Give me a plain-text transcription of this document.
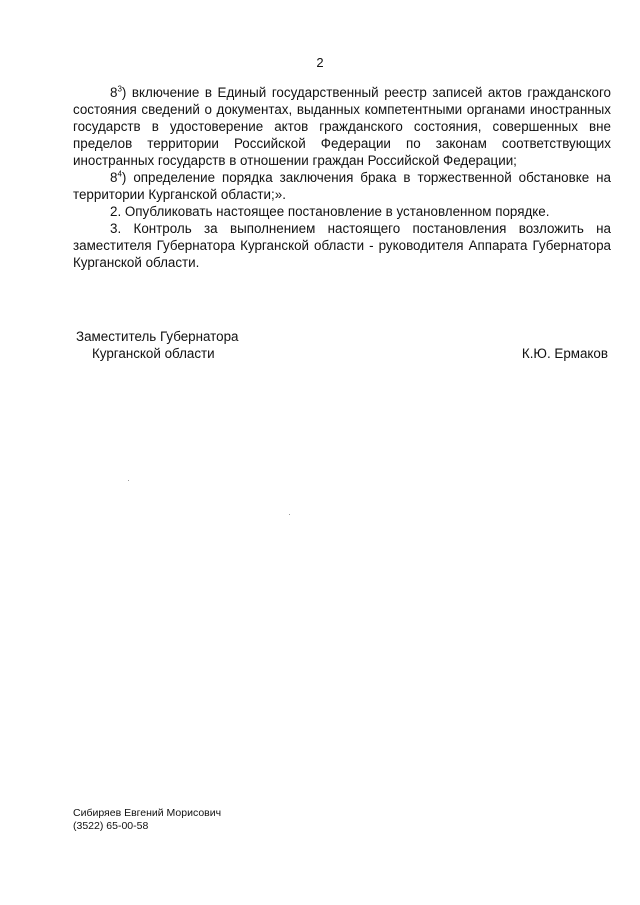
2

$8^3$) включение в Единый государственный реестр записей актов гражданского состояния сведений о документах, выданных компетентными органами иностранных государств в удостоверение актов гражданского состояния, совершенных вне пределов территории Российской Федерации по законам соответствующих иностранных государств в отношении граждан Российской Федерации;

$8^4$) определение порядка заключения брака в торжественной обстановке на территории Курганской области;».

2. Опубликовать настоящее постановление в установленном порядке.

3. Контроль за выполнением настоящего постановления возложить на заместителя Губернатора Курганской области - руководителя Аппарата Губернатора Курганской области.

Заместитель Губернатора
Курганской области	К.Ю. Ермаков
Сибиряев Евгений Морисович
(3522) 65-00-58
